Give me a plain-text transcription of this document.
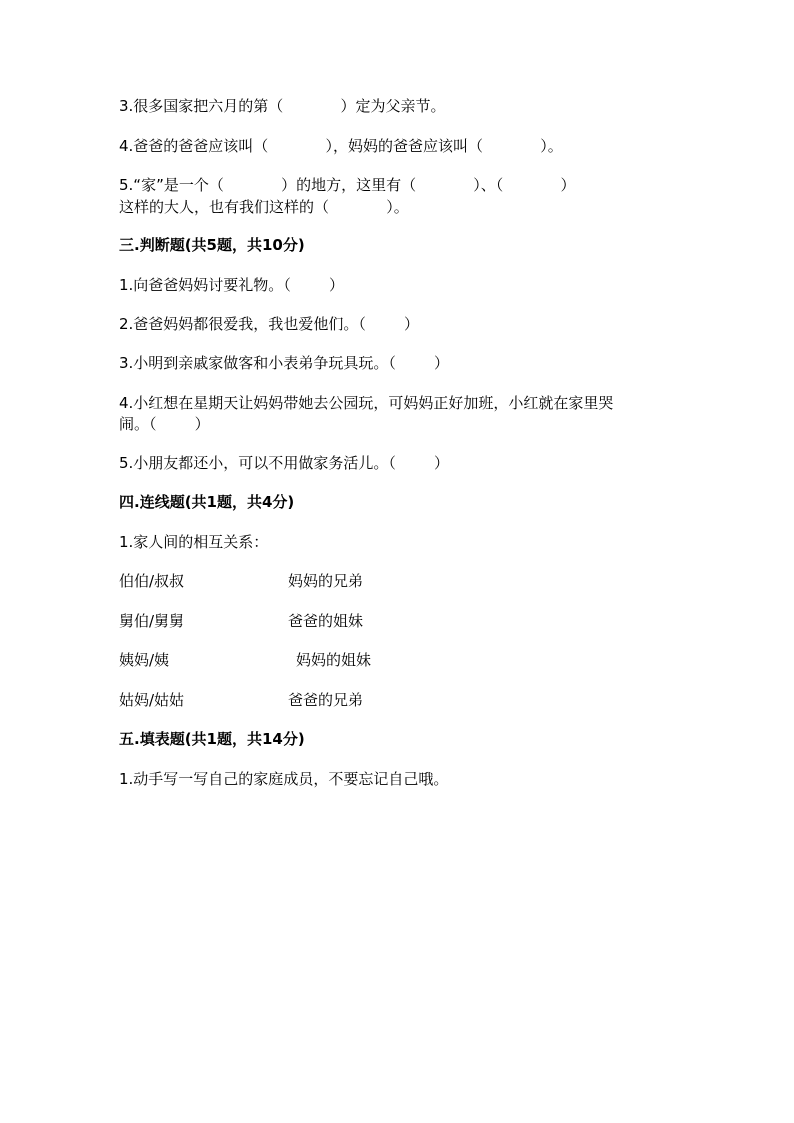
3.很多国家把六月的第（            ）定为父亲节。
4.爸爸的爸爸应该叫（            ），妈妈的爸爸应该叫（            ）。
5.“家”是一个（            ）的地方，这里有（            ）、（            ）
这样的大人，也有我们这样的（            ）。
三.判断题(共5题，共10分)
1.向爸爸妈妈讨要礼物。（        ）
2.爸爸妈妈都很爱我，我也爱他们。（        ）
3.小明到亲戚家做客和小表弟争玩具玩。（        ）
4.小红想在星期天让妈妈带她去公园玩，可妈妈正好加班，小红就在家里哭
闹。（        ）
5.小朋友都还小，可以不用做家务活儿。（        ）
四.连线题(共1题，共4分)
1.家人间的相互关系：
伯伯/叔叔	妈妈的兄弟
舅伯/舅舅	爸爸的姐妹
姨妈/姨	妈妈的姐妹
姑妈/姑姑	爸爸的兄弟
五.填表题(共1题，共14分)
1.动手写一写自己的家庭成员，不要忘记自己哦。
